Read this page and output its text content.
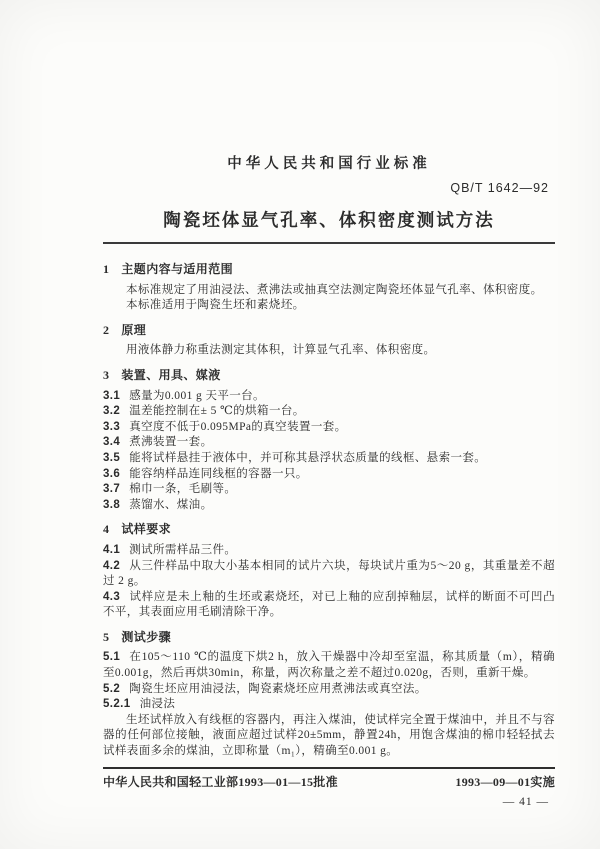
中华人民共和国行业标准
QB/T 1642—92
陶瓷坯体显气孔率、体积密度测试方法
1 主题内容与适用范围
本标准规定了用油浸法、煮沸法或抽真空法测定陶瓷坯体显气孔率、体积密度。
本标准适用于陶瓷生坯和素烧坯。
2 原理
用液体静力称重法测定其体积，计算显气孔率、体积密度。
3 装置、用具、媒液
3.1 感量为0.001 g 天平一台。
3.2 温差能控制在± 5 ℃的烘箱一台。
3.3 真空度不低于0.095MPa的真空装置一套。
3.4 煮沸装置一套。
3.5 能将试样悬挂于液体中，并可称其悬浮状态质量的线框、悬索一套。
3.6 能容纳样品连同线框的容器一只。
3.7 棉巾一条，毛刷等。
3.8 蒸馏水、煤油。
4 试样要求
4.1 测试所需样品三件。
4.2 从三件样品中取大小基本相同的试片六块，每块试片重为5～20 g，其重量差不超过 2 g。
4.3 试样应是未上釉的生坯或素烧坯，对已上釉的应刮掉釉层，试样的断面不可凹凸不平，其表面应用毛刷清除干净。
5 测试步骤
5.1 在105～110 ℃的温度下烘2 h，放入干燥器中冷却至室温，称其质量（m），精确至0.001g，然后再烘30min，称量，两次称量之差不超过0.020g，否则，重新干燥。
5.2 陶瓷生坯应用油浸法，陶瓷素烧坯应用煮沸法或真空法。
5.2.1 油浸法
生坯试样放入有线框的容器内，再注入煤油，使试样完全置于煤油中，并且不与容器的任何部位接触，液面应超过试样20±5mm，静置24h，用饱含煤油的棉巾轻轻拭去试样表面多余的煤油，立即称量（m₁），精确至0.001 g。
中华人民共和国轻工业部1993—01—15批准	1993—09—01实施
— 41 —
